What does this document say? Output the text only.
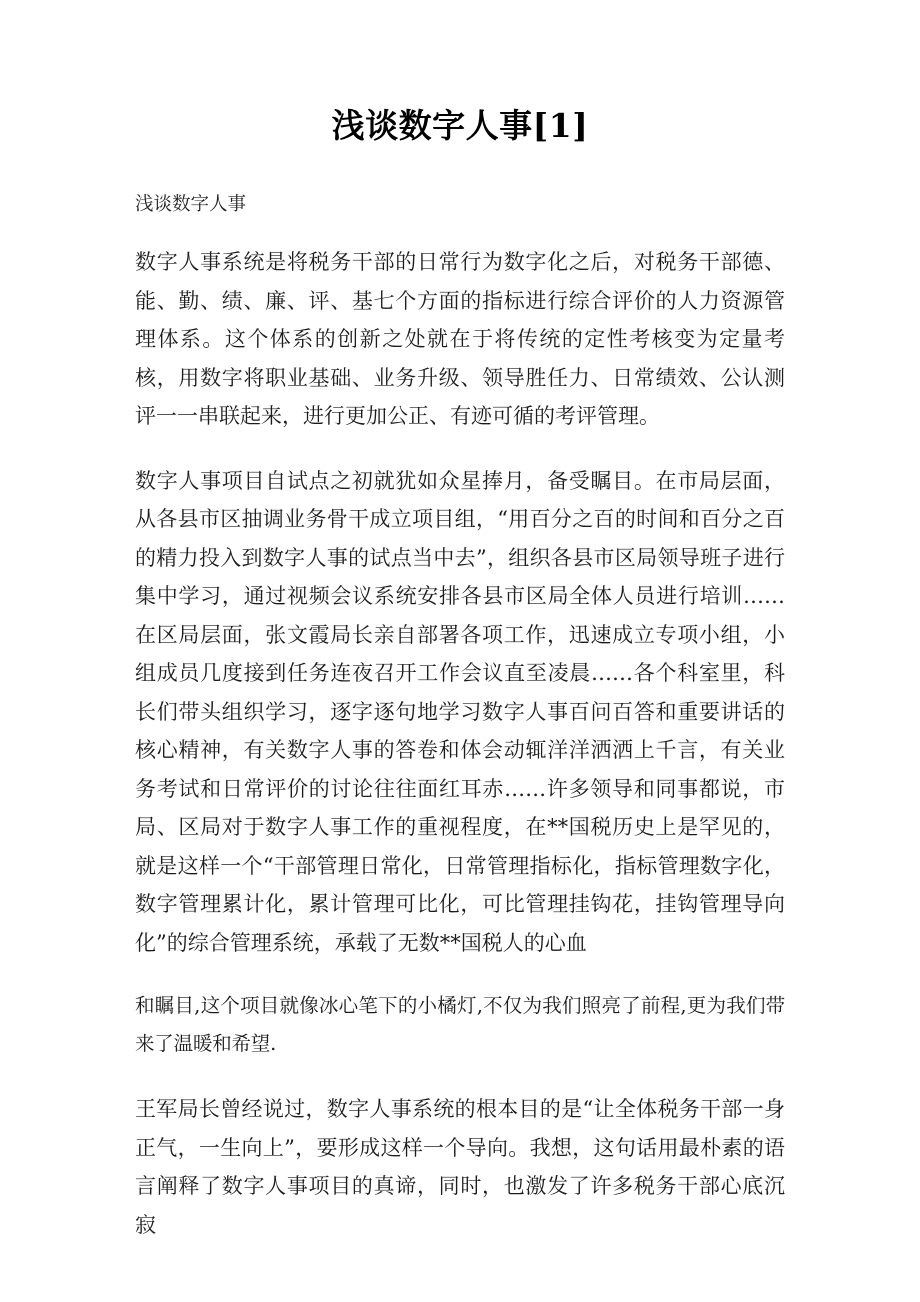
浅谈数字人事[1]

浅谈数字人事

数字人事系统是将税务干部的日常行为数字化之后，对税务干部德、能、勤、绩、廉、评、基七个方面的指标进行综合评价的人力资源管理体系。这个体系的创新之处就在于将传统的定性考核变为定量考核，用数字将职业基础、业务升级、领导胜任力、日常绩效、公认测评一一串联起来，进行更加公正、有迹可循的考评管理。

数字人事项目自试点之初就犹如众星捧月，备受瞩目。在市局层面，从各县市区抽调业务骨干成立项目组，“用百分之百的时间和百分之百的精力投入到数字人事的试点当中去”，组织各县市区局领导班子进行集中学习，通过视频会议系统安排各县市区局全体人员进行培训……在区局层面，张文霞局长亲自部署各项工作，迅速成立专项小组，小组成员几度接到任务连夜召开工作会议直至凌晨……各个科室里，科长们带头组织学习，逐字逐句地学习数字人事百问百答和重要讲话的核心精神，有关数字人事的答卷和体会动辄洋洋洒洒上千言，有关业务考试和日常评价的讨论往往面红耳赤……许多领导和同事都说，市局、区局对于数字人事工作的重视程度，在**国税历史上是罕见的，就是这样一个“干部管理日常化，日常管理指标化，指标管理数字化，数字管理累计化，累计管理可比化，可比管理挂钩花，挂钩管理导向化”的综合管理系统，承载了无数**国税人的心血

和瞩目,这个项目就像冰心笔下的小橘灯,不仅为我们照亮了前程,更为我们带来了温暖和希望.

王军局长曾经说过，数字人事系统的根本目的是“让全体税务干部一身正气，一生向上”，要形成这样一个导向。我想，这句话用最朴素的语言阐释了数字人事项目的真谛，同时，也激发了许多税务干部心底沉寂
